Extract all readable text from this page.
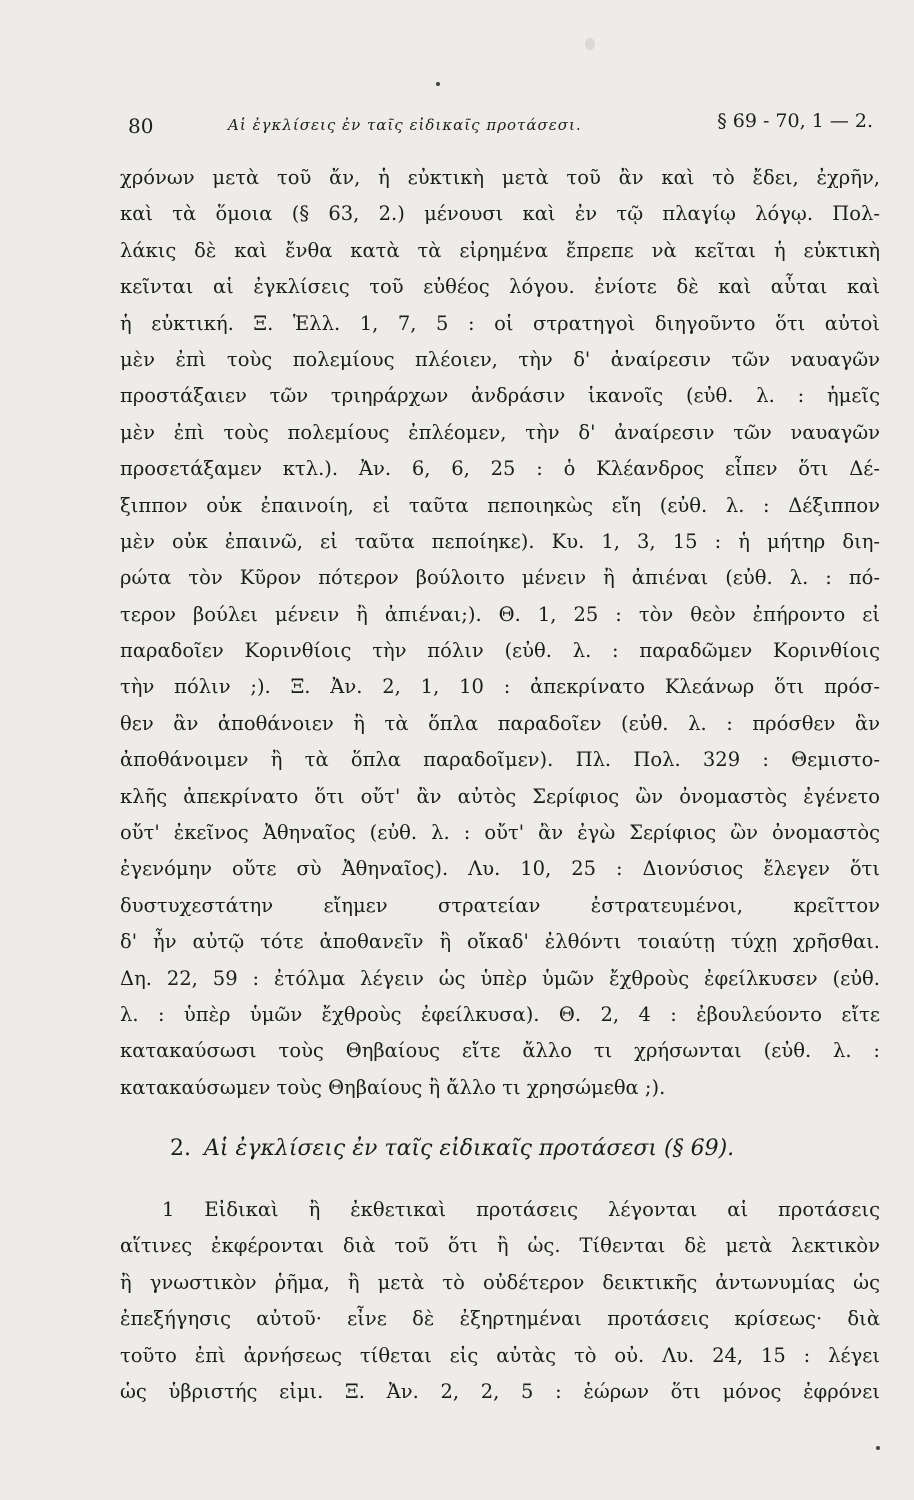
80	Αἱ ἐγκλίσεις ἐν ταῖς εἰδικαῖς προτάσεσι.	§ 69 - 70, 1 — 2.
χρόνων μετὰ τοῦ ἄν, ἡ εὐκτικὴ μετὰ τοῦ ἂν καὶ τὸ ἔδει, ἐχρῆν,
καὶ τὰ ὅμοια (§ 63, 2.) μένουσι καὶ ἐν τῷ πλαγίῳ λόγῳ. Πολ-
λάκις δὲ καὶ ἔνθα κατὰ τὰ εἰρημένα ἔπρεπε νὰ κεῖται ἡ εὐκτικὴ
κεῖνται αἱ ἐγκλίσεις τοῦ εὐθέος λόγου. ἐνίοτε δὲ καὶ αὗται καὶ
ἡ εὐκτική. Ξ. Ἑλλ. 1, 7, 5 : οἱ στρατηγοὶ διηγοῦντο ὅτι αὐτοὶ
μὲν ἐπὶ τοὺς πολεμίους πλέοιεν, τὴν δ' ἀναίρεσιν τῶν ναυαγῶν
προστάξαιεν τῶν τριηράρχων ἀνδράσιν ἱκανοῖς (εὐθ. λ. : ἡμεῖς
μὲν ἐπὶ τοὺς πολεμίους ἐπλέομεν, τὴν δ' ἀναίρεσιν τῶν ναυαγῶν
προσετάξαμεν κτλ.). Ἀν. 6, 6, 25 : ὁ Κλέανδρος εἶπεν ὅτι Δέ-
ξιππον οὐκ ἐπαινοίη, εἰ ταῦτα πεποιηκὼς εἴη (εὐθ. λ. : Δέξιππον
μὲν οὐκ ἐπαινῶ, εἰ ταῦτα πεποίηκε). Κυ. 1, 3, 15 : ἡ μήτηρ διη-
ρώτα τὸν Κῦρον πότερον βούλοιτο μένειν ἢ ἀπιέναι (εὐθ. λ. : πό-
τερον βούλει μένειν ἢ ἀπιέναι;). Θ. 1, 25 : τὸν θεὸν ἐπήροντο εἰ
παραδοῖεν Κορινθίοις τὴν πόλιν (εὐθ. λ. : παραδῶμεν Κορινθίοις
τὴν πόλιν ;). Ξ. Ἀν. 2, 1, 10 : ἀπεκρίνατο Κλεάνωρ ὅτι πρόσ-
θεν ἂν ἀποθάνοιεν ἢ τὰ ὅπλα παραδοῖεν (εὐθ. λ. : πρόσθεν ἂν
ἀποθάνοιμεν ἢ τὰ ὅπλα παραδοῖμεν). Πλ. Πολ. 329 : Θεμιστο-
κλῆς ἀπεκρίνατο ὅτι οὔτ' ἂν αὐτὸς Σερίφιος ὢν ὀνομαστὸς ἐγένετο
οὔτ' ἐκεῖνος Ἀθηναῖος (εὐθ. λ. : οὔτ' ἂν ἐγὼ Σερίφιος ὢν ὀνομαστὸς
ἐγενόμην οὔτε σὺ Ἀθηναῖος). Λυ. 10, 25 : Διονύσιος ἔλεγεν ὅτι
δυστυχεστάτην εἴημεν στρατείαν ἐστρατευμένοι, κρεῖττον
δ' ἦν αὐτῷ τότε ἀποθανεῖν ἢ οἴκαδ' ἐλθόντι τοιαύτῃ τύχῃ χρῆσθαι.
Δη. 22, 59 : ἐτόλμα λέγειν ὡς ὑπὲρ ὑμῶν ἔχθροὺς ἐφείλκυσεν (εὐθ.
λ. : ὑπὲρ ὑμῶν ἔχθροὺς ἐφείλκυσα). Θ. 2, 4 : ἐβουλεύοντο εἴτε
κατακαύσωσι τοὺς Θηβαίους εἴτε ἄλλο τι χρήσωνται (εὐθ. λ. :
κατακαύσωμεν τοὺς Θηβαίους ἢ ἄλλο τι χρησώμεθα ;).
2. Αἱ ἐγκλίσεις ἐν ταῖς εἰδικαῖς προτάσεσι (§ 69).
1 Εἰδικαὶ ἢ ἐκθετικαὶ προτάσεις λέγονται αἱ προτάσεις
αἵτινες ἐκφέρονται διὰ τοῦ ὅτι ἢ ὡς. Τίθενται δὲ μετὰ λεκτικὸν
ἢ γνωστικὸν ῥῆμα, ἢ μετὰ τὸ οὐδέτερον δεικτικῆς ἀντωνυμίας ὡς
ἐπεξήγησις αὐτοῦ· εἶνε δὲ ἐξηρτημέναι προτάσεις κρίσεως· διὰ
τοῦτο ἐπὶ ἀρνήσεως τίθεται εἰς αὐτὰς τὸ οὐ. Λυ. 24, 15 : λέγει
ὡς ὑβριστής εἰμι. Ξ. Ἀν. 2, 2, 5 : ἑώρων ὅτι μόνος ἐφρόνει
